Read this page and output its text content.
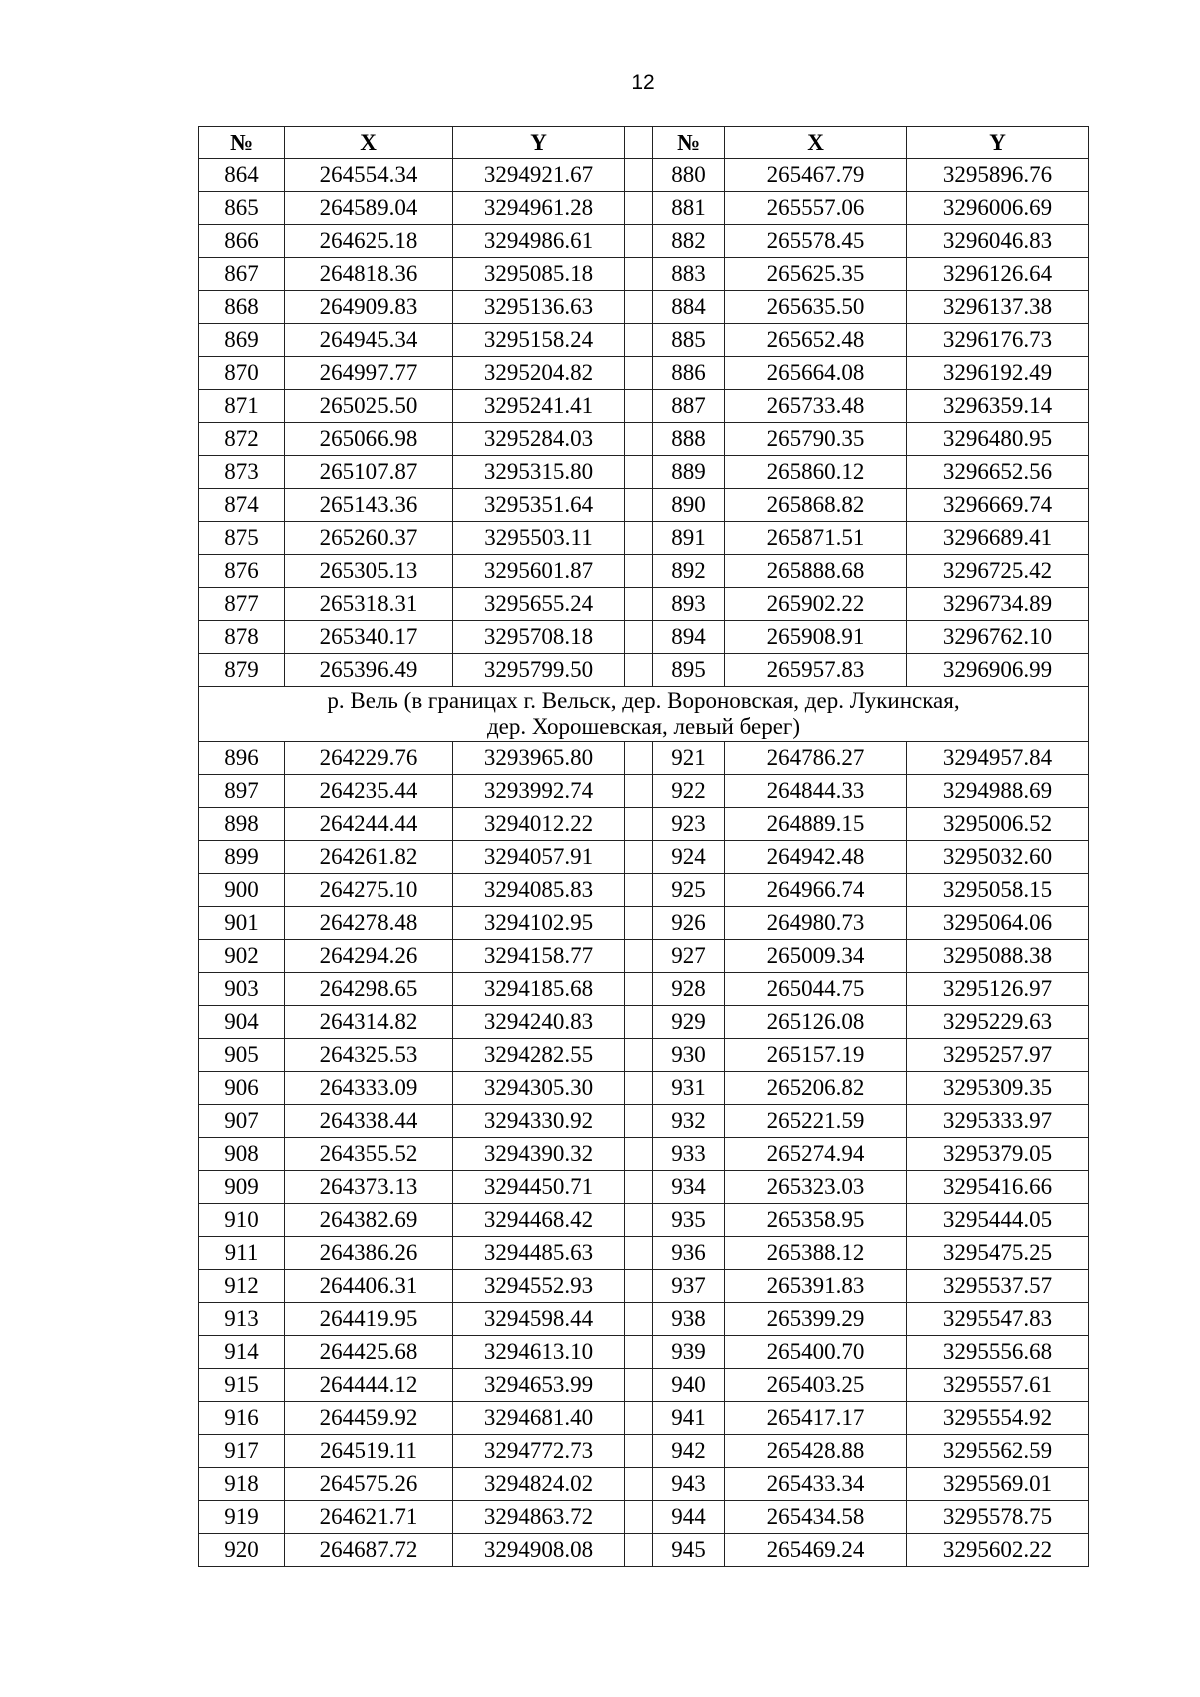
12
№	X	Y		№	X	Y
864	264554.34	3294921.67		880	265467.79	3295896.76
865	264589.04	3294961.28		881	265557.06	3296006.69
866	264625.18	3294986.61		882	265578.45	3296046.83
867	264818.36	3295085.18		883	265625.35	3296126.64
868	264909.83	3295136.63		884	265635.50	3296137.38
869	264945.34	3295158.24		885	265652.48	3296176.73
870	264997.77	3295204.82		886	265664.08	3296192.49
871	265025.50	3295241.41		887	265733.48	3296359.14
872	265066.98	3295284.03		888	265790.35	3296480.95
873	265107.87	3295315.80		889	265860.12	3296652.56
874	265143.36	3295351.64		890	265868.82	3296669.74
875	265260.37	3295503.11		891	265871.51	3296689.41
876	265305.13	3295601.87		892	265888.68	3296725.42
877	265318.31	3295655.24		893	265902.22	3296734.89
878	265340.17	3295708.18		894	265908.91	3296762.10
879	265396.49	3295799.50		895	265957.83	3296906.99
р. Вель (в границах г. Вельск, дер. Вороновская, дер. Лукинская,
дер. Хорошевская, левый берег)						
896	264229.76	3293965.80		921	264786.27	3294957.84
897	264235.44	3293992.74		922	264844.33	3294988.69
898	264244.44	3294012.22		923	264889.15	3295006.52
899	264261.82	3294057.91		924	264942.48	3295032.60
900	264275.10	3294085.83		925	264966.74	3295058.15
901	264278.48	3294102.95		926	264980.73	3295064.06
902	264294.26	3294158.77		927	265009.34	3295088.38
903	264298.65	3294185.68		928	265044.75	3295126.97
904	264314.82	3294240.83		929	265126.08	3295229.63
905	264325.53	3294282.55		930	265157.19	3295257.97
906	264333.09	3294305.30		931	265206.82	3295309.35
907	264338.44	3294330.92		932	265221.59	3295333.97
908	264355.52	3294390.32		933	265274.94	3295379.05
909	264373.13	3294450.71		934	265323.03	3295416.66
910	264382.69	3294468.42		935	265358.95	3295444.05
911	264386.26	3294485.63		936	265388.12	3295475.25
912	264406.31	3294552.93		937	265391.83	3295537.57
913	264419.95	3294598.44		938	265399.29	3295547.83
914	264425.68	3294613.10		939	265400.70	3295556.68
915	264444.12	3294653.99		940	265403.25	3295557.61
916	264459.92	3294681.40		941	265417.17	3295554.92
917	264519.11	3294772.73		942	265428.88	3295562.59
918	264575.26	3294824.02		943	265433.34	3295569.01
919	264621.71	3294863.72		944	265434.58	3295578.75
920	264687.72	3294908.08		945	265469.24	3295602.22
